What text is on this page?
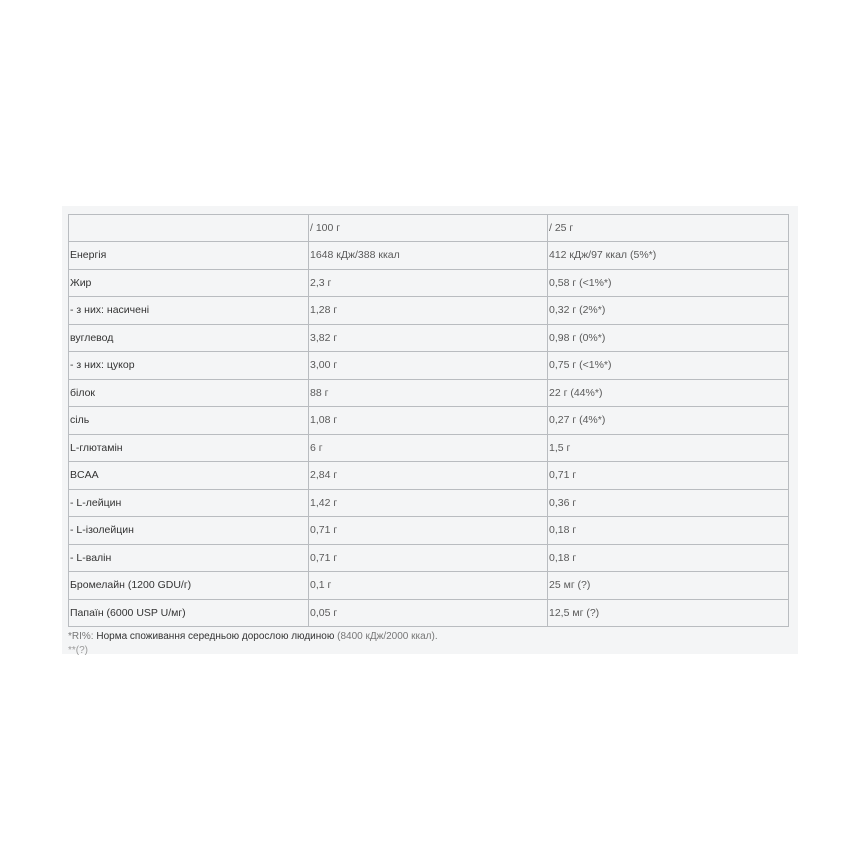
	/ 100 г	/ 25 г
Енергія	1648 кДж/388 ккал	412 кДж/97 ккал (5%*)
Жир	2,3 г	0,58 г (<1%*)
- з них: насичені	1,28 г	0,32 г (2%*)
вуглевод	3,82 г	0,98 г (0%*)
- з них: цукор	3,00 г	0,75 г (<1%*)
білок	88 г	22 г (44%*)
сіль	1,08 г	0,27 г (4%*)
L-глютамін	6 г	1,5 г
BCAA	2,84 г	0,71 г
- L-лейцин	1,42 г	0,36 г
- L-ізолейцин	0,71 г	0,18 г
- L-валін	0,71 г	0,18 г
Бромелайн (1200 GDU/г)	0,1 г	25 мг (?)
Папаїн (6000 USP U/мг)	0,05 г	12,5 мг (?)
*RI%: Норма споживання середньою дорослою людиною (8400 кДж/2000 ккал).
**(?)
